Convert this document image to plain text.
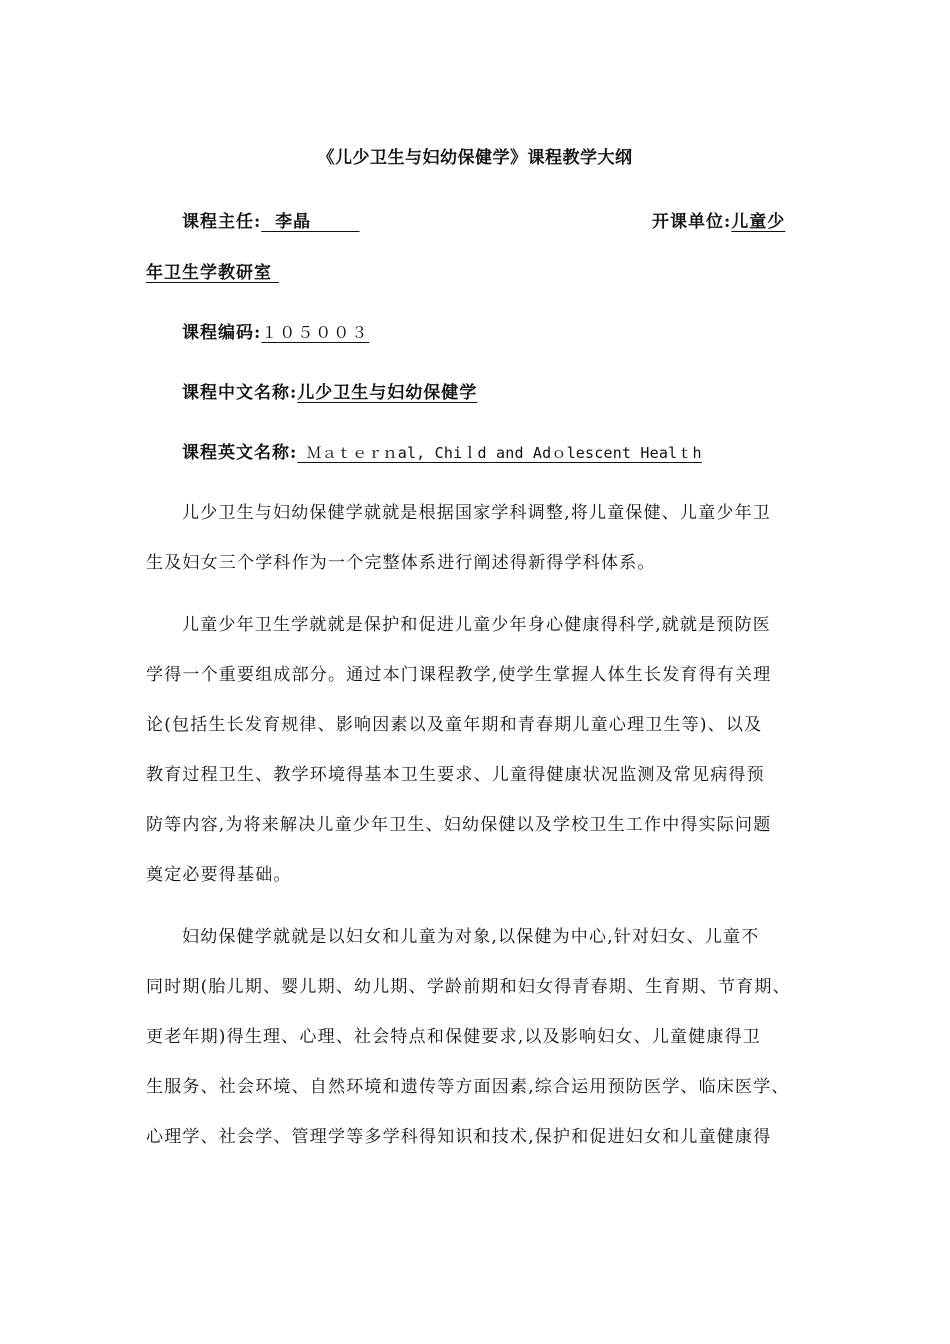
《儿少卫生与妇幼保健学》课程教学大纲
课程主任:  李晶	开课单位:儿童少
年卫生学教研室
课程编码:１０５００３
课程中文名称:儿少卫生与妇幼保健学
课程英文名称: Ｍａｔｅｒｎal, Chiｌd and Adｏlescent Healｔh
儿少卫生与妇幼保健学就就是根据国家学科调整,将儿童保健、儿童少年卫
生及妇女三个学科作为一个完整体系进行阐述得新得学科体系。
儿童少年卫生学就就是保护和促进儿童少年身心健康得科学,就就是预防医
学得一个重要组成部分。通过本门课程教学,使学生掌握人体生长发育得有关理
论(包括生长发育规律、影响因素以及童年期和青春期儿童心理卫生等)、以及
教育过程卫生、教学环境得基本卫生要求、儿童得健康状况监测及常见病得预
防等内容,为将来解决儿童少年卫生、妇幼保健以及学校卫生工作中得实际问题
奠定必要得基础。
妇幼保健学就就是以妇女和儿童为对象,以保健为中心,针对妇女、儿童不
同时期(胎儿期、婴儿期、幼儿期、学龄前期和妇女得青春期、生育期、节育期、
更老年期)得生理、心理、社会特点和保健要求,以及影响妇女、儿童健康得卫
生服务、社会环境、自然环境和遗传等方面因素,综合运用预防医学、临床医学、
心理学、社会学、管理学等多学科得知识和技术,保护和促进妇女和儿童健康得
